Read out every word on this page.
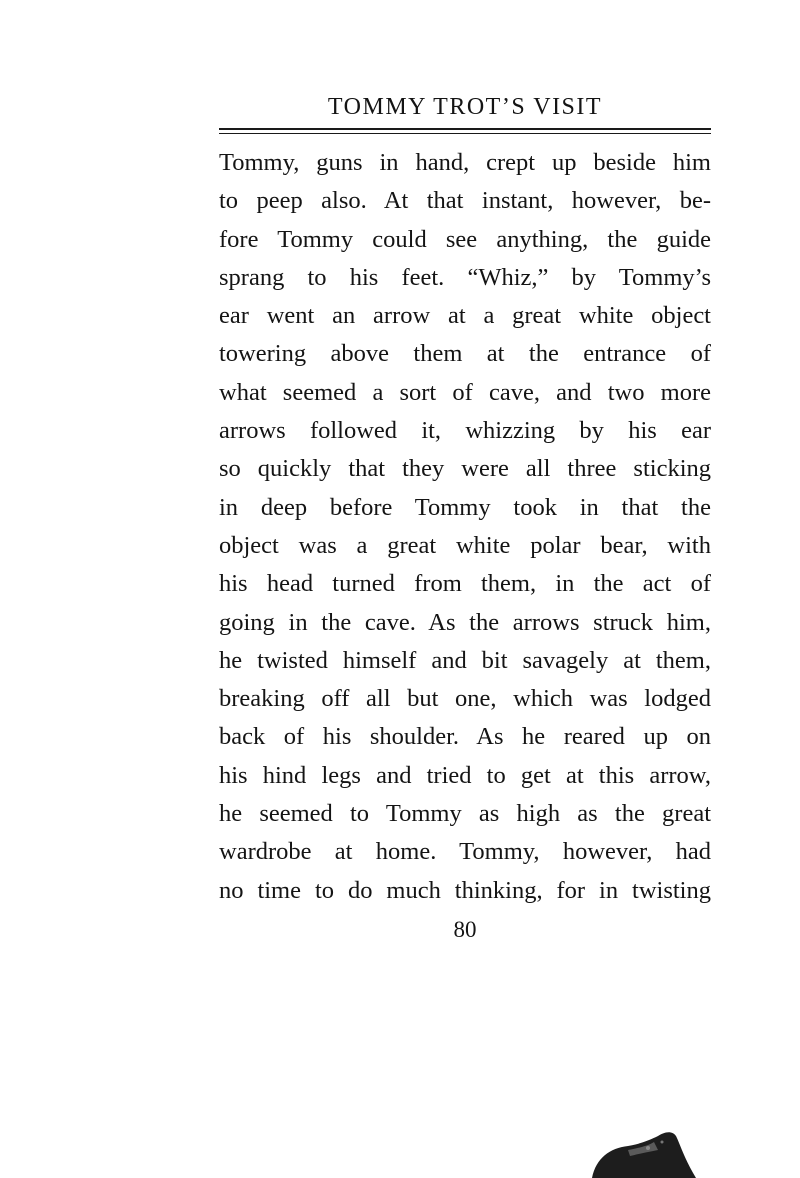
TOMMY TROT’S VISIT
Tommy, guns in hand, crept up beside him
to peep also. At that instant, however, be-
fore Tommy could see anything, the guide
sprang to his feet. “Whiz,” by Tommy’s
ear went an arrow at a great white object
towering above them at the entrance of
what seemed a sort of cave, and two more
arrows followed it, whizzing by his ear
so quickly that they were all three sticking
in deep before Tommy took in that the
object was a great white polar bear, with
his head turned from them, in the act of
going in the cave. As the arrows struck him,
he twisted himself and bit savagely at them,
breaking off all but one, which was lodged
back of his shoulder. As he reared up on
his hind legs and tried to get at this arrow,
he seemed to Tommy as high as the great
wardrobe at home. Tommy, however, had
no time to do much thinking, for in twisting
80
